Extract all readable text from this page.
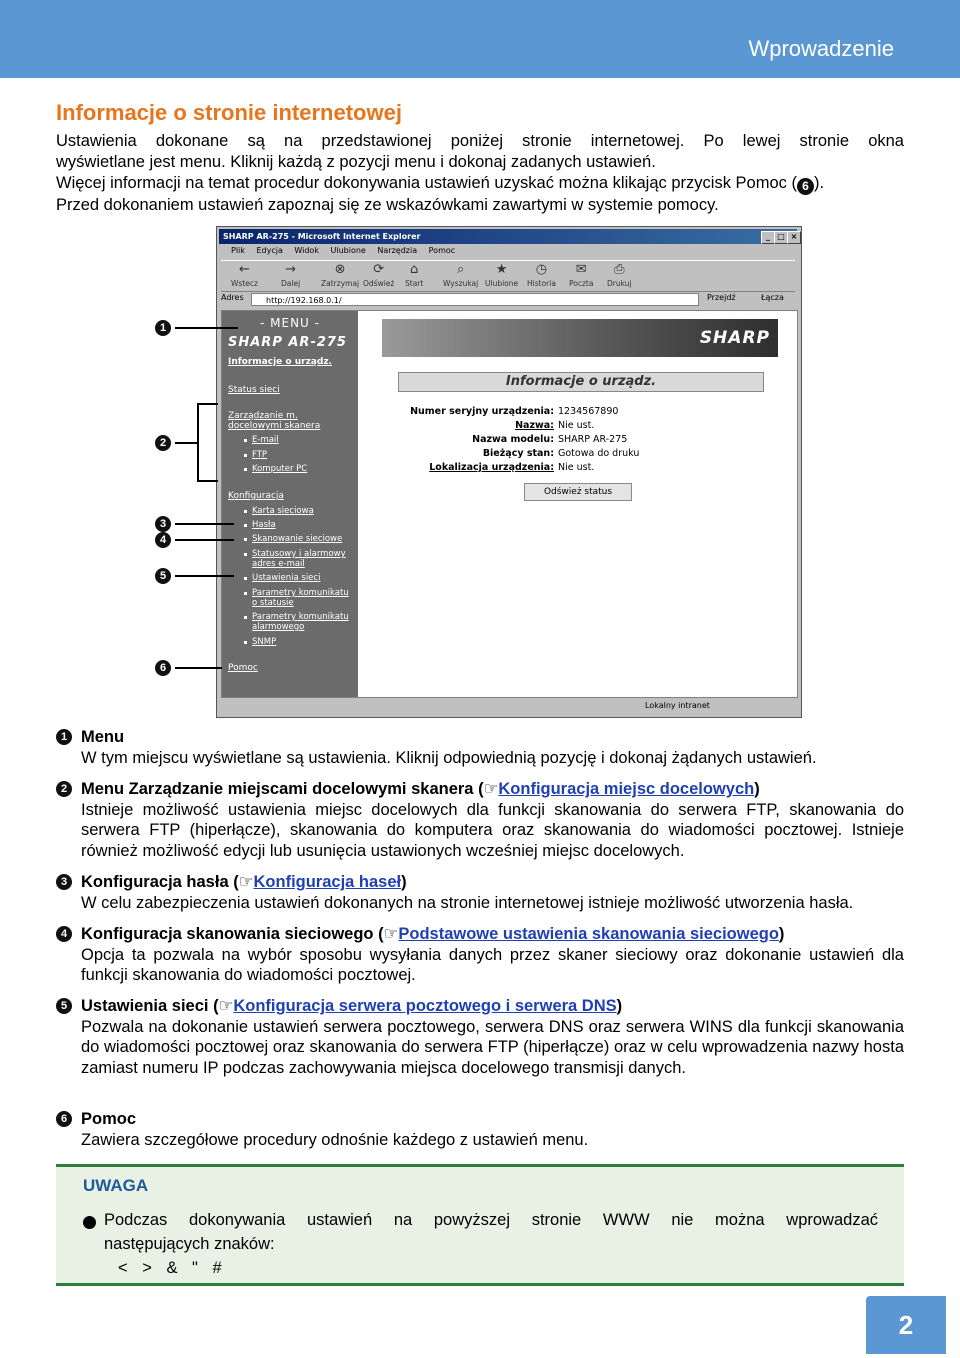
Wprowadzenie
Informacje o stronie internetowej

Ustawienia dokonane są na przedstawionej poniżej stronie internetowej. Po lewej stronie okna

wyświetlane jest menu. Kliknij każdą z pozycji menu i dokonaj zadanych ustawień.

Więcej informacji na temat procedur dokonywania ustawień uzyskać można klikając przycisk Pomoc ( 6 ).

Przed dokonaniem ustawień zapoznaj się ze wskazówkami zawartymi w systemie pomocy.

SHARP AR-275 - Microsoft Internet Explorer	_ □ ×
Plik Edycja Widok Ulubione Narzędzia Pomoc
←
Wstecz
→
Dalej
⊗
Zatrzymaj
⟳
Odśwież
⌂
Start
⌕
Wyszukaj
★
Ulubione
◷
Historia
✉
Poczta
⎙
Drukuj
Adres	http://192.168.0.1/	Przejdź	Łącza
- MENU -
SHARP AR-275
Informacje o urządz.
Status sieci
Zarządzanie m.
docelowymi skanera
E-mail
FTP
Komputer PC
Konfiguracja
Karta sieciowa
Hasła
Skanowanie sieciowe
Statusowy i alarmowy
adres e-mail
Ustawienia sieci
Parametry komunikatu
o statusie
Parametry komunikatu
alarmowego
SNMP
Pomoc
SHARP
Informacje o urządz.
Numer seryjny urządzenia: 1234567890
Nazwa: Nie ust.
Nazwa modelu: SHARP AR-275
Bieżący stan: Gotowa do druku
Lokalizacja urządzenia: Nie ust.
Odśwież status
Lokalny intranet
1
2
3
4
5
6
1 Menu
W tym miejscu wyświetlane są ustawienia. Kliknij odpowiednią pozycję i dokonaj żądanych ustawień.
2 Menu Zarządzanie miejscami docelowymi skanera (☞Konfiguracja miejsc docelowych)
Istnieje możliwość ustawienia miejsc docelowych dla funkcji skanowania do serwera FTP, skanowania do serwera FTP (hiperłącze), skanowania do komputera oraz skanowania do wiadomości pocztowej. Istnieje również możliwość edycji lub usunięcia ustawionych wcześniej miejsc docelowych.
3 Konfiguracja hasła (☞Konfiguracja haseł)
W celu zabezpieczenia ustawień dokonanych na stronie internetowej istnieje możliwość utworzenia hasła.
4 Konfiguracja skanowania sieciowego (☞Podstawowe ustawienia skanowania sieciowego)
Opcja ta pozwala na wybór sposobu wysyłania danych przez skaner sieciowy oraz dokonanie ustawień dla funkcji skanowania do wiadomości pocztowej.
5 Ustawienia sieci (☞Konfiguracja serwera pocztowego i serwera DNS)
Pozwala na dokonanie ustawień serwera pocztowego, serwera DNS oraz serwera WINS dla funkcji skanowania do wiadomości pocztowej oraz skanowania do serwera FTP (hiperłącze) oraz w celu wprowadzenia nazwy hosta zamiast numeru IP podczas zachowywania miejsca docelowego transmisji danych.
6 Pomoc
Zawiera szczegółowe procedury odnośnie każdego z ustawień menu.
UWAGA
Podczas dokonywania ustawień na powyższej stronie WWW nie można wprowadzać
następujących znaków:
< > & " #
2
